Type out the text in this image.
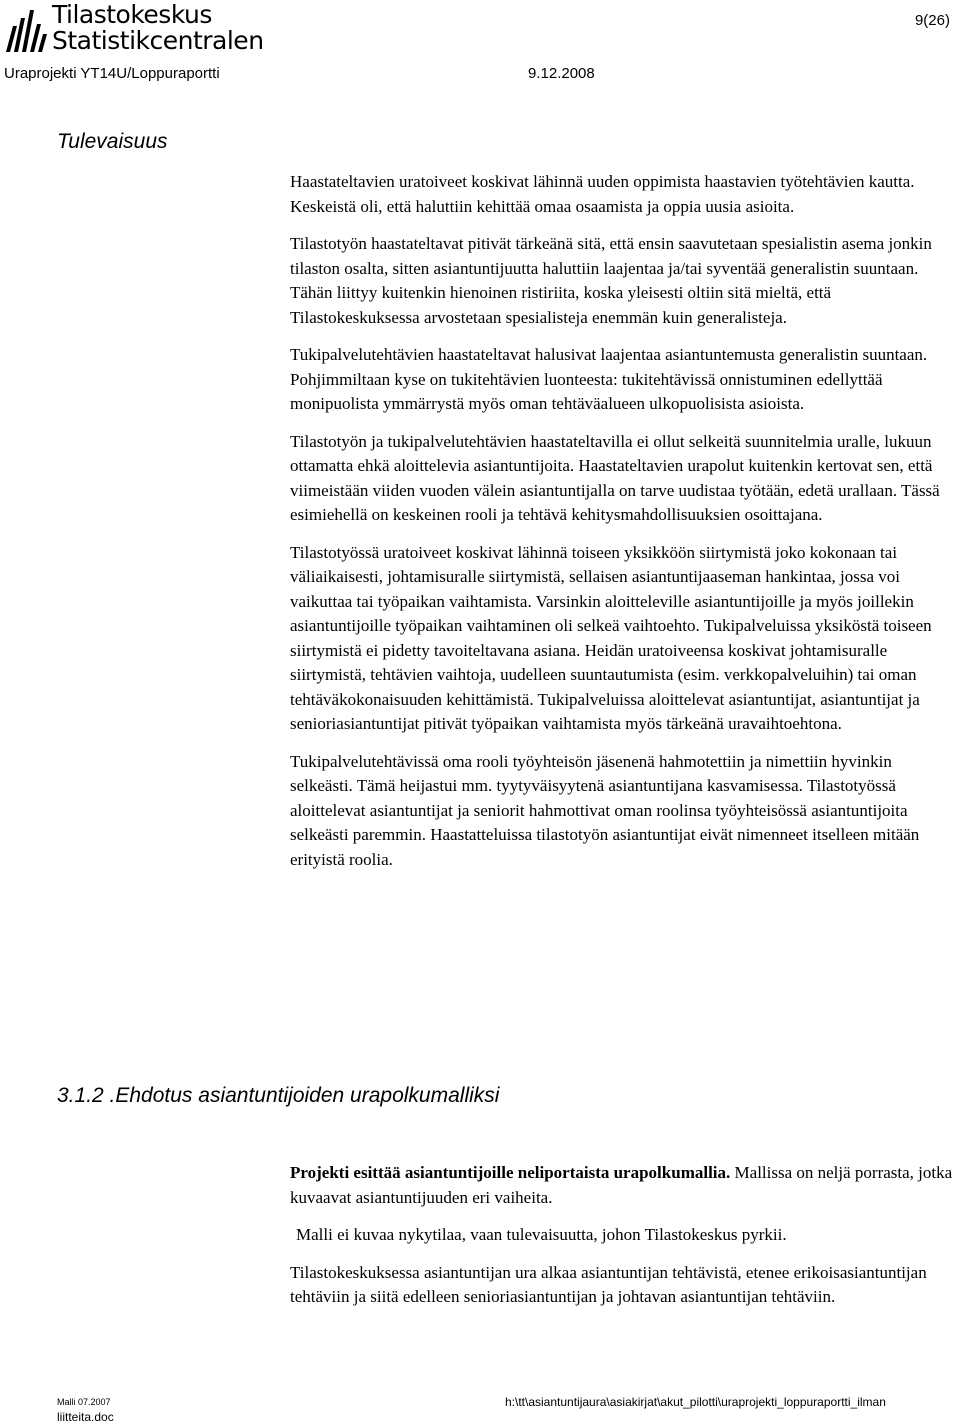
Tilastokeskus
Statistikcentralen
9(26)
Uraprojekti YT14U/Loppuraportti	9.12.2008
Tulevaisuus

Haastateltavien uratoiveet koskivat lähinnä uuden oppimista haastavien työtehtävien kautta. Keskeistä oli, että haluttiin kehittää omaa osaamista ja oppia uusia asioita.

Tilastotyön haastateltavat pitivät tärkeänä sitä, että ensin saavutetaan spesialistin asema jonkin tilaston osalta, sitten asiantuntijuutta haluttiin laajentaa ja/tai syventää generalistin suuntaan. Tähän liittyy kuitenkin hienoinen ristiriita, koska yleisesti oltiin sitä mieltä, että Tilastokeskuksessa arvostetaan spesialisteja enemmän kuin generalisteja.

Tukipalvelutehtävien haastateltavat halusivat laajentaa asiantuntemusta generalistin suuntaan. Pohjimmiltaan kyse on tukitehtävien luonteesta: tukitehtävissä onnistuminen edellyttää monipuolista ymmärrystä myös oman tehtäväalueen ulkopuolisista asioista.

Tilastotyön ja tukipalvelutehtävien haastateltavilla ei ollut selkeitä suunnitelmia uralle, lukuun ottamatta ehkä aloittelevia asiantuntijoita. Haastateltavien urapolut kuitenkin kertovat sen, että viimeistään viiden vuoden välein asiantuntijalla on tarve uudistaa työtään, edetä urallaan. Tässä esimiehellä on keskeinen rooli ja tehtävä kehitysmahdollisuuksien osoittajana.

Tilastotyössä uratoiveet koskivat lähinnä toiseen yksikköön siirtymistä joko kokonaan tai väliaikaisesti, johtamisuralle siirtymistä, sellaisen asiantuntijaaseman hankintaa, jossa voi vaikuttaa tai työpaikan vaihtamista. Varsinkin aloitteleville asiantuntijoille ja myös joillekin asiantuntijoille työpaikan vaihtaminen oli selkeä vaihtoehto. Tukipalveluissa yksiköstä toiseen siirtymistä ei pidetty tavoiteltavana asiana. Heidän uratoiveensa koskivat johtamisuralle siirtymistä, tehtävien vaihtoja, uudelleen suuntautumista (esim. verkkopalveluihin) tai oman tehtäväkokonaisuuden kehittämistä. Tukipalveluissa aloittelevat asiantuntijat, asiantuntijat ja senioriasiantuntijat pitivät työpaikan vaihtamista myös tärkeänä uravaihtoehtona.

Tukipalvelutehtävissä oma rooli työyhteisön jäsenenä hahmotettiin ja nimettiin hyvinkin selkeästi. Tämä heijastui mm. tyytyväisyytenä asiantuntijana kasvamisessa. Tilastotyössä aloittelevat asiantuntijat ja seniorit hahmottivat oman roolinsa työyhteisössä asiantuntijoita selkeästi paremmin. Haastatteluissa tilastotyön asiantuntijat eivät nimenneet itselleen mitään erityistä roolia.

3.1.2 .Ehdotus asiantuntijoiden urapolkumalliksi

Projekti esittää asiantuntijoille neliportaista urapolkumallia. Mallissa on neljä porrasta, jotka kuvaavat asiantuntijuuden eri vaiheita.

Malli ei kuvaa nykytilaa, vaan tulevaisuutta, johon Tilastokeskus pyrkii.

Tilastokeskuksessa asiantuntijan ura alkaa asiantuntijan tehtävistä, etenee erikoisasiantuntijan tehtäviin ja siitä edelleen senioriasiantuntijan ja johtavan asiantuntijan tehtäviin.

Malli 07.2007
liitteita.doc
h:\tt\asiantuntijaura\asiakirjat\akut_pilotti\uraprojekti_loppuraportti_ilman
